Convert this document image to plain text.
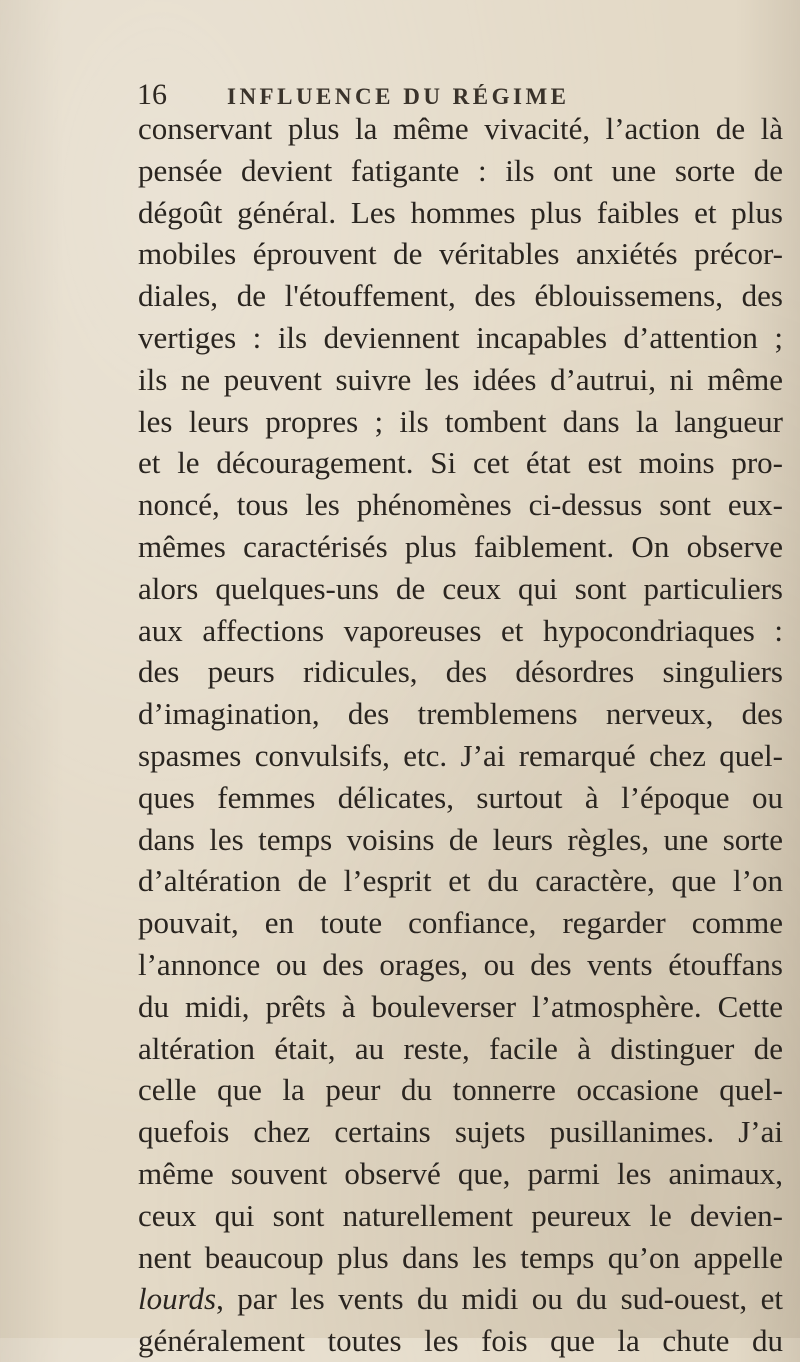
16	INFLUENCE DU RÉGIME
conservant plus la même vivacité, l’action de là
pensée devient fatigante : ils ont une sorte de
dégoût général. Les hommes plus faibles et plus
mobiles éprouvent de véritables anxiétés précor-
diales, de l'étouffement, des éblouissemens, des
vertiges : ils deviennent incapables d’attention ;
ils ne peuvent suivre les idées d’autrui, ni même
les leurs propres ; ils tombent dans la langueur
et le découragement. Si cet état est moins pro-
noncé, tous les phénomènes ci-dessus sont eux-
mêmes caractérisés plus faiblement. On observe
alors quelques-uns de ceux qui sont particuliers
aux affections vaporeuses et hypocondriaques :
des peurs ridicules, des désordres singuliers
d’imagination, des tremblemens nerveux, des
spasmes convulsifs, etc. J’ai remarqué chez quel-
ques femmes délicates, surtout à l’époque ou
dans les temps voisins de leurs règles, une sorte
d’altération de l’esprit et du caractère, que l’on
pouvait, en toute confiance, regarder comme
l’annonce ou des orages, ou des vents étouffans
du midi, prêts à bouleverser l’atmosphère. Cette
altération était, au reste, facile à distinguer de
celle que la peur du tonnerre occasione quel-
quefois chez certains sujets pusillanimes. J’ai
même souvent observé que, parmi les animaux,
ceux qui sont naturellement peureux le devien-
nent beaucoup plus dans les temps qu’on appelle
lourds, par les vents du midi ou du sud-ouest, et
généralement toutes les fois que la chute du
